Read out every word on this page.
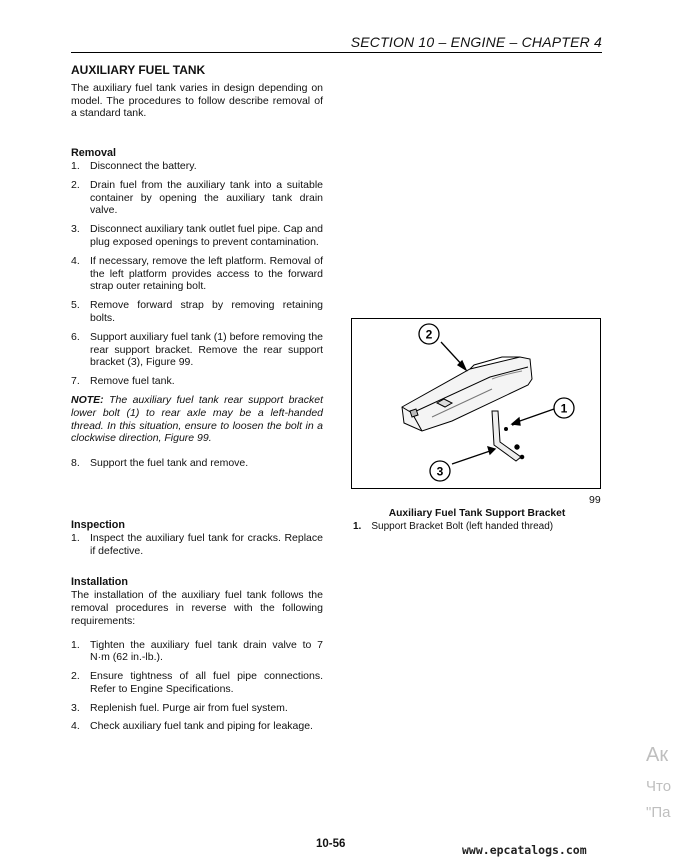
SECTION 10 – ENGINE – CHAPTER 4
AUXILIARY FUEL TANK

The auxiliary fuel tank varies in design depending on model. The procedures to follow describe removal of a standard tank.

Removal
1. Disconnect the battery.
2. Drain fuel from the auxiliary tank into a suitable container by opening the auxiliary tank drain valve.
3. Disconnect auxiliary tank outlet fuel pipe. Cap and plug exposed openings to prevent contamination.
4. If necessary, remove the left platform. Removal of the left platform provides access to the forward strap outer retaining bolt.
5. Remove forward strap by removing retaining bolts.
6. Support auxiliary fuel tank (1) before removing the rear support bracket. Remove the rear support bracket (3), Figure 99.
7. Remove fuel tank.

NOTE: The auxiliary fuel tank rear support bracket lower bolt (1) to rear axle may be a left-handed thread. In this situation, ensure to loosen the bolt in a clockwise direction, Figure 99.

8. Support the fuel tank and remove.
Inspection
1. Inspect the auxiliary fuel tank for cracks. Replace if defective.
Installation

The installation of the auxiliary fuel tank follows the removal procedures in reverse with the following requirements:

1. Tighten the auxiliary fuel tank drain valve to 7 N·m (62 in.-lb.).
2. Ensure tightness of all fuel pipe connections. Refer to Engine Specifications.
3. Replenish fuel. Purge air from fuel system.
4. Check auxiliary fuel tank and piping for leakage.
2
1
3
99
Auxiliary Fuel Tank Support Bracket
1. Support Bracket Bolt (left handed thread)
Ак
Что
"Па
10-56	www.epcatalogs.com
